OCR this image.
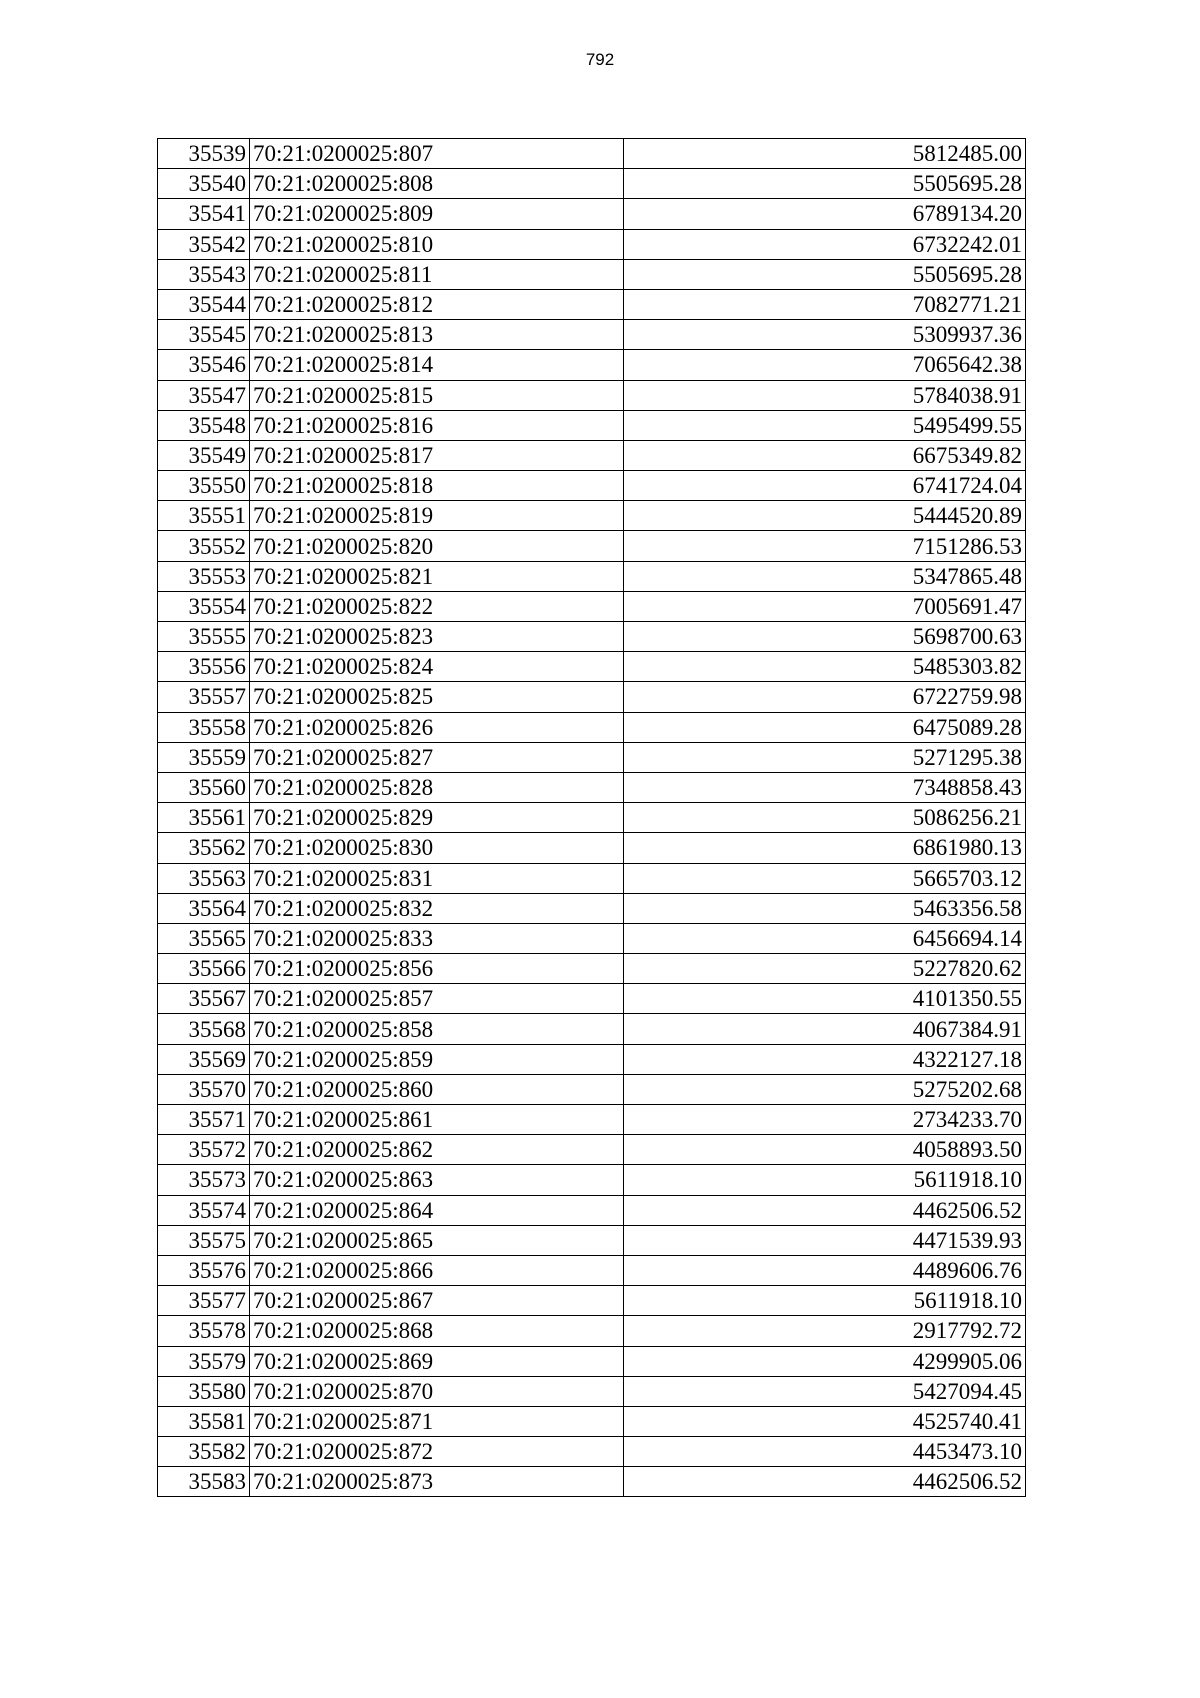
792
35539	70:21:0200025:807	5812485.00
35540	70:21:0200025:808	5505695.28
35541	70:21:0200025:809	6789134.20
35542	70:21:0200025:810	6732242.01
35543	70:21:0200025:811	5505695.28
35544	70:21:0200025:812	7082771.21
35545	70:21:0200025:813	5309937.36
35546	70:21:0200025:814	7065642.38
35547	70:21:0200025:815	5784038.91
35548	70:21:0200025:816	5495499.55
35549	70:21:0200025:817	6675349.82
35550	70:21:0200025:818	6741724.04
35551	70:21:0200025:819	5444520.89
35552	70:21:0200025:820	7151286.53
35553	70:21:0200025:821	5347865.48
35554	70:21:0200025:822	7005691.47
35555	70:21:0200025:823	5698700.63
35556	70:21:0200025:824	5485303.82
35557	70:21:0200025:825	6722759.98
35558	70:21:0200025:826	6475089.28
35559	70:21:0200025:827	5271295.38
35560	70:21:0200025:828	7348858.43
35561	70:21:0200025:829	5086256.21
35562	70:21:0200025:830	6861980.13
35563	70:21:0200025:831	5665703.12
35564	70:21:0200025:832	5463356.58
35565	70:21:0200025:833	6456694.14
35566	70:21:0200025:856	5227820.62
35567	70:21:0200025:857	4101350.55
35568	70:21:0200025:858	4067384.91
35569	70:21:0200025:859	4322127.18
35570	70:21:0200025:860	5275202.68
35571	70:21:0200025:861	2734233.70
35572	70:21:0200025:862	4058893.50
35573	70:21:0200025:863	5611918.10
35574	70:21:0200025:864	4462506.52
35575	70:21:0200025:865	4471539.93
35576	70:21:0200025:866	4489606.76
35577	70:21:0200025:867	5611918.10
35578	70:21:0200025:868	2917792.72
35579	70:21:0200025:869	4299905.06
35580	70:21:0200025:870	5427094.45
35581	70:21:0200025:871	4525740.41
35582	70:21:0200025:872	4453473.10
35583	70:21:0200025:873	4462506.52
